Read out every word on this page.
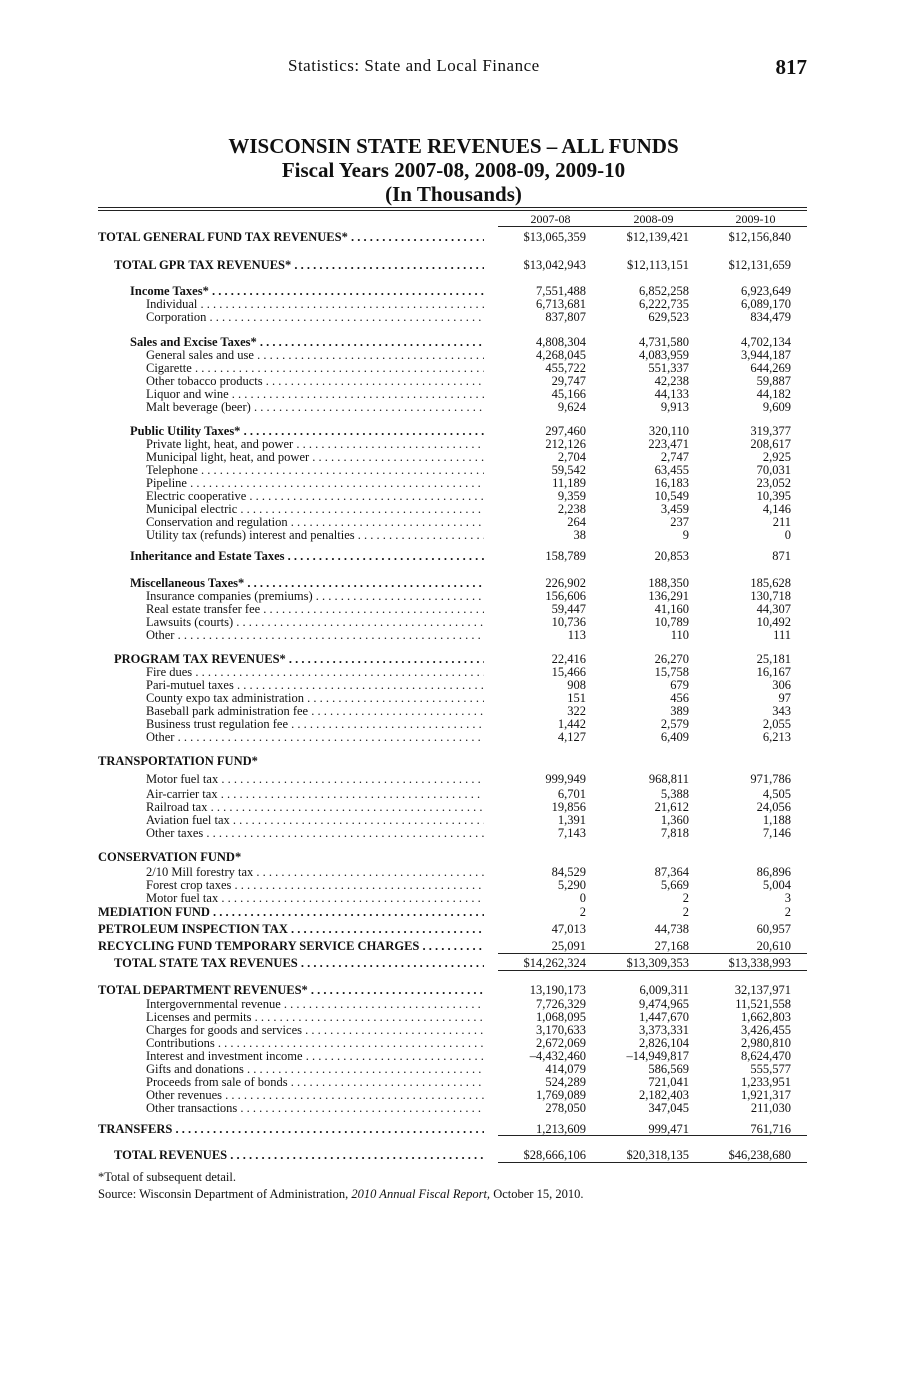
Statistics: State and Local Finance	817
WISCONSIN STATE REVENUES – ALL FUNDS
Fiscal Years 2007-08, 2008-09, 2009-10
(In Thousands)
2007-08	2008-09	2009-10
TOTAL GENERAL FUND TAX REVENUES* . . .	$13,065,359	$12,139,421	$12,156,840
TOTAL GPR TAX REVENUES* . . .	$13,042,943	$12,113,151	$12,131,659
Income Taxes* . . .	7,551,488	6,852,258	6,923,649
Individual . . .	6,713,681	6,222,735	6,089,170
Corporation . . .	837,807	629,523	834,479
Sales and Excise Taxes* . . .	4,808,304	4,731,580	4,702,134
General sales and use . . .	4,268,045	4,083,959	3,944,187
Cigarette . . .	455,722	551,337	644,269
Other tobacco products . . .	29,747	42,238	59,887
Liquor and wine . . .	45,166	44,133	44,182
Malt beverage (beer) . . .	9,624	9,913	9,609
Public Utility Taxes* . . .	297,460	320,110	319,377
Private light, heat, and power . . .	212,126	223,471	208,617
Municipal light, heat, and power . . .	2,704	2,747	2,925
Telephone . . .	59,542	63,455	70,031
Pipeline . . .	11,189	16,183	23,052
Electric cooperative . . .	9,359	10,549	10,395
Municipal electric . . .	2,238	3,459	4,146
Conservation and regulation . . .	264	237	211
Utility tax (refunds) interest and penalties . . .	38	9	0
Inheritance and Estate Taxes . . .	158,789	20,853	871
Miscellaneous Taxes* . . .	226,902	188,350	185,628
Insurance companies (premiums) . . .	156,606	136,291	130,718
Real estate transfer fee . . .	59,447	41,160	44,307
Lawsuits (courts) . . .	10,736	10,789	10,492
Other . . .	113	110	111
PROGRAM TAX REVENUES* . . .	22,416	26,270	25,181
Fire dues . . .	15,466	15,758	16,167
Pari-mutuel taxes . . .	908	679	306
County expo tax administration . . .	151	456	97
Baseball park administration fee . . .	322	389	343
Business trust regulation fee . . .	1,442	2,579	2,055
Other . . .	4,127	6,409	6,213
TRANSPORTATION FUND*
Motor fuel tax . . .	999,949	968,811	971,786
Air-carrier tax . . .	6,701	5,388	4,505
Railroad tax . . .	19,856	21,612	24,056
Aviation fuel tax . . .	1,391	1,360	1,188
Other taxes . . .	7,143	7,818	7,146
CONSERVATION FUND*
2/10 Mill forestry tax . . .	84,529	87,364	86,896
Forest crop taxes . . .	5,290	5,669	5,004
Motor fuel tax . . .	0	2	3
MEDIATION FUND . . .	2	2	2
PETROLEUM INSPECTION TAX . . .	47,013	44,738	60,957
RECYCLING FUND TEMPORARY SERVICE CHARGES . . .	25,091	27,168	20,610
TOTAL STATE TAX REVENUES . . .	$14,262,324	$13,309,353	$13,338,993
TOTAL DEPARTMENT REVENUES* . . .	13,190,173	6,009,311	32,137,971
Intergovernmental revenue . . .	7,726,329	9,474,965	11,521,558
Licenses and permits . . .	1,068,095	1,447,670	1,662,803
Charges for goods and services . . .	3,170,633	3,373,331	3,426,455
Contributions . . .	2,672,069	2,826,104	2,980,810
Interest and investment income . . .	–4,432,460	–14,949,817	8,624,470
Gifts and donations . . .	414,079	586,569	555,577
Proceeds from sale of bonds . . .	524,289	721,041	1,233,951
Other revenues . . .	1,769,089	2,182,403	1,921,317
Other transactions . . .	278,050	347,045	211,030
TRANSFERS . . .	1,213,609	999,471	761,716
TOTAL REVENUES . . .	$28,666,106	$20,318,135	$46,238,680
*Total of subsequent detail.
Source: Wisconsin Department of Administration, 2010 Annual Fiscal Report, October 15, 2010.
